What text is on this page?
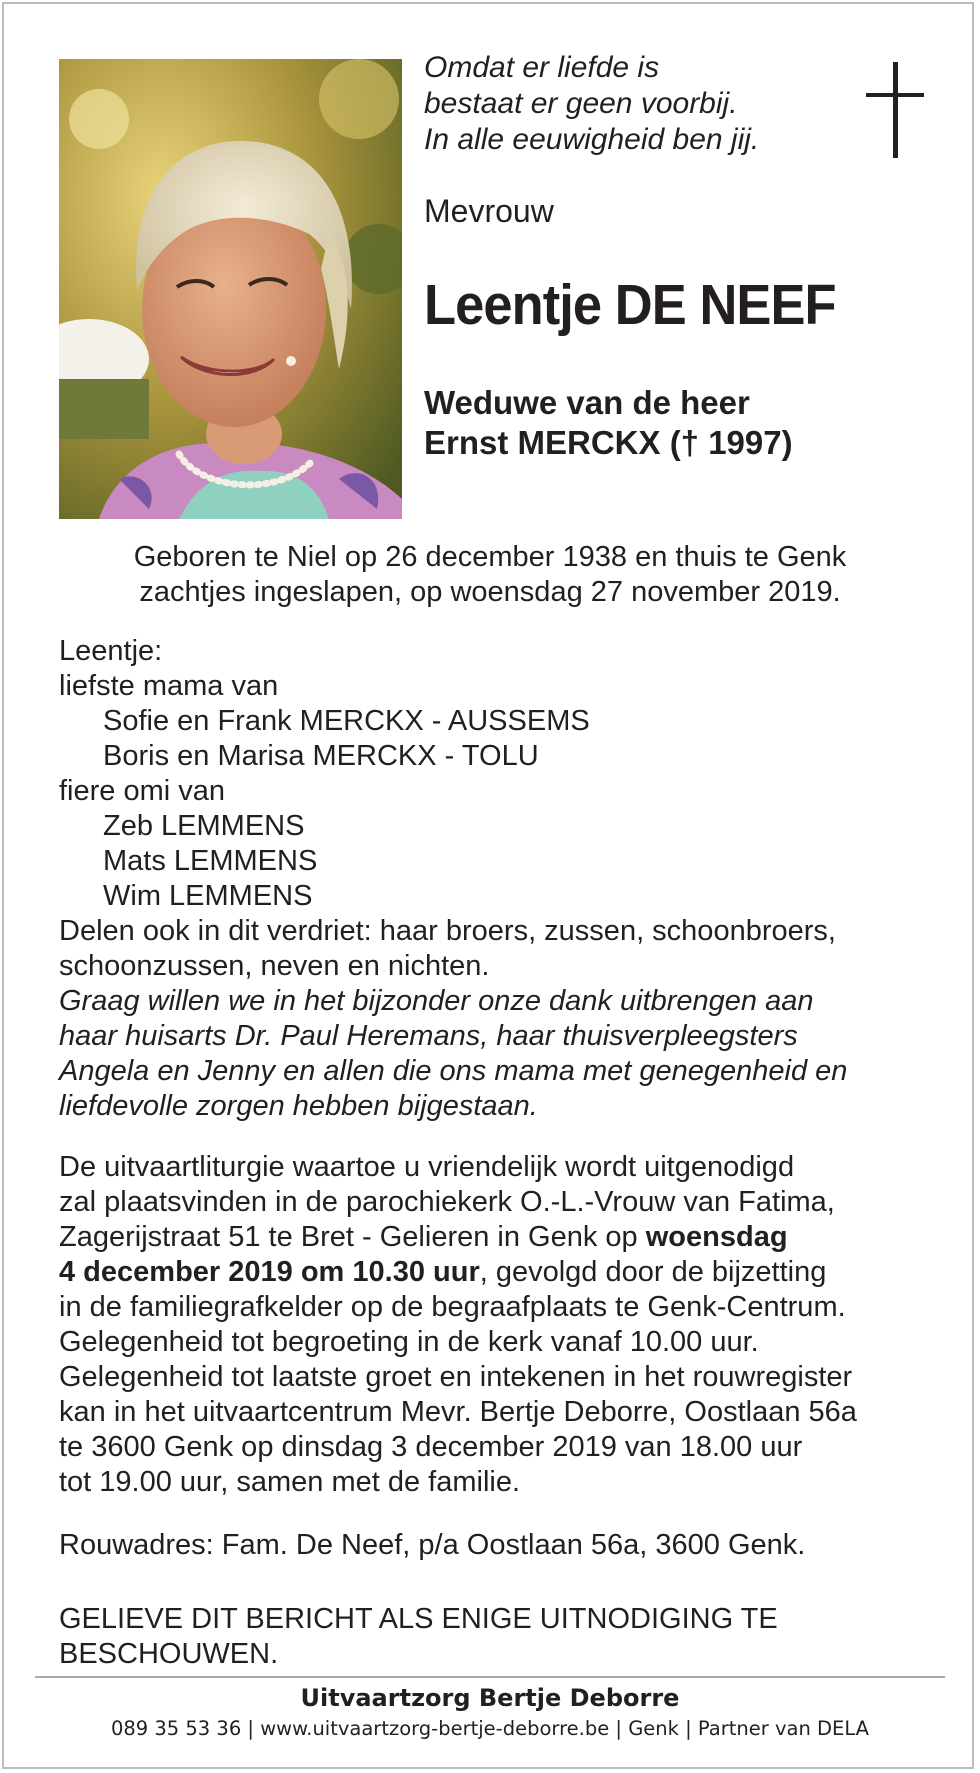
Omdat er liefde is
bestaat er geen voorbij.
In alle eeuwigheid ben jij.
Mevrouw
Leentje DE NEEF
Weduwe van de heer
Ernst MERCKX († 1997)
Geboren te Niel op 26 december 1938 en thuis te Genk
zachtjes ingeslapen, op woensdag 27 november 2019.
Leentje:
liefste mama van
Sofie en Frank MERCKX - AUSSEMS
Boris en Marisa MERCKX - TOLU
fiere omi van
Zeb LEMMENS
Mats LEMMENS
Wim LEMMENS
Delen ook in dit verdriet: haar broers, zussen, schoonbroers,
schoonzussen, neven en nichten.
Graag willen we in het bijzonder onze dank uitbrengen aan
haar huisarts Dr. Paul Heremans, haar thuisverpleegsters
Angela en Jenny en allen die ons mama met genegenheid en
liefdevolle zorgen hebben bijgestaan.
De uitvaartliturgie waartoe u vriendelijk wordt uitgenodigd
zal plaatsvinden in de parochiekerk O.-L.-Vrouw van Fatima,
Zagerijstraat 51 te Bret - Gelieren in Genk op woensdag
4 december 2019 om 10.30 uur, gevolgd door de bijzetting
in de familiegrafkelder op de begraafplaats te Genk-Centrum.
Gelegenheid tot begroeting in de kerk vanaf 10.00 uur.
Gelegenheid tot laatste groet en intekenen in het rouwregister
kan in het uitvaartcentrum Mevr. Bertje Deborre, Oostlaan 56a
te 3600 Genk op dinsdag 3 december 2019 van 18.00 uur
tot 19.00 uur, samen met de familie.
Rouwadres: Fam. De Neef, p/a Oostlaan 56a, 3600 Genk.
GELIEVE DIT BERICHT ALS ENIGE UITNODIGING TE
BESCHOUWEN.
Uitvaartzorg Bertje Deborre
089 35 53 36 | www.uitvaartzorg-bertje-deborre.be | Genk | Partner van DELA
